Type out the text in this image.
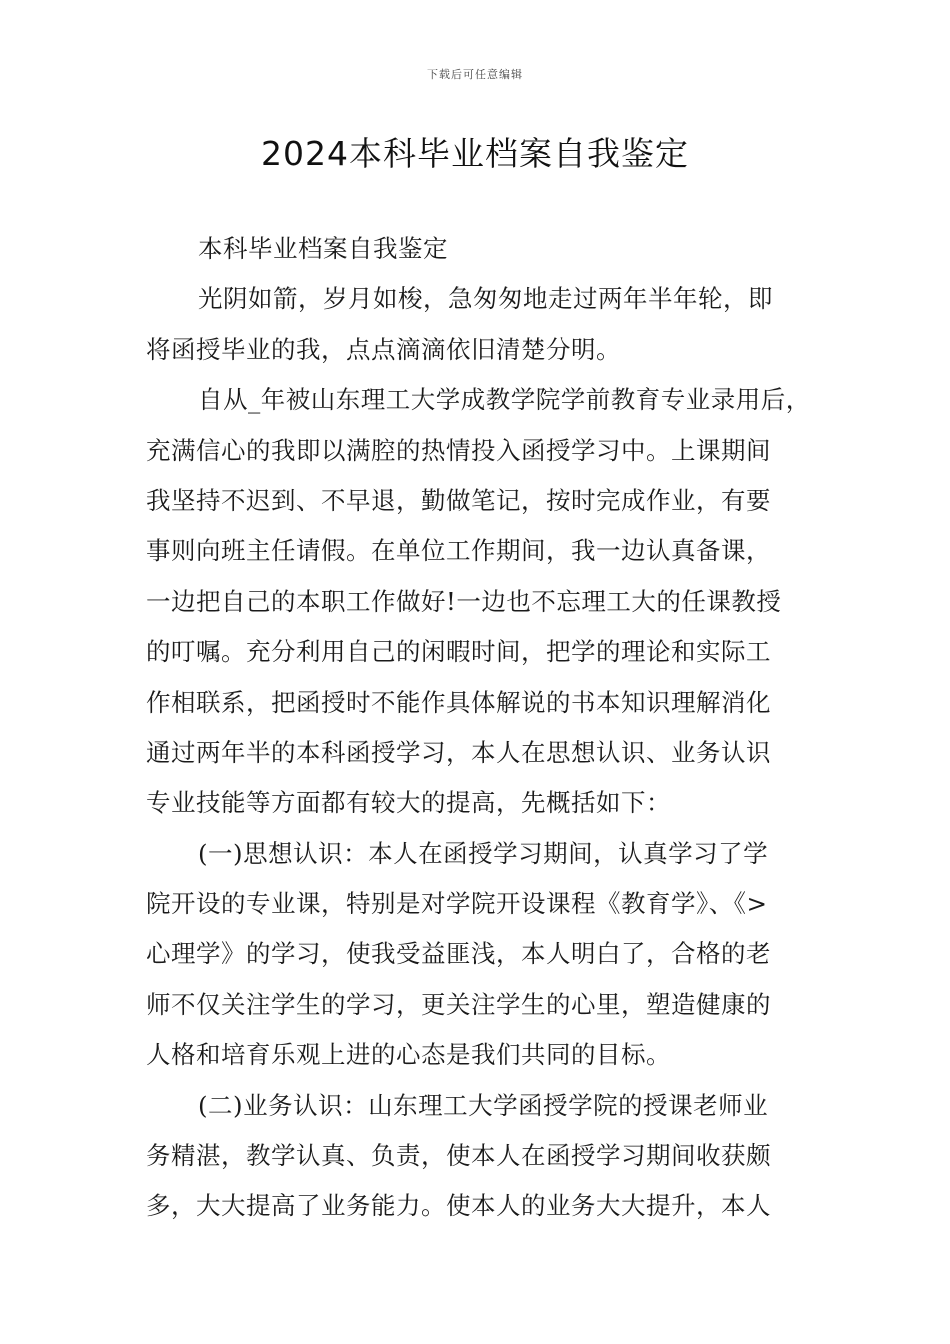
下载后可任意编辑
2024本科毕业档案自我鉴定
本科毕业档案自我鉴定
光阴如箭，岁月如梭，急匆匆地走过两年半年轮，即
将函授毕业的我，点点滴滴依旧清楚分明。
自从_年被山东理工大学成教学院学前教育专业录用后，
充满信心的我即以满腔的热情投入函授学习中。上课期间
我坚持不迟到、不早退，勤做笔记，按时完成作业，有要
事则向班主任请假。在单位工作期间，我一边认真备课，
一边把自己的本职工作做好!一边也不忘理工大的任课教授
的叮嘱。充分利用自己的闲暇时间，把学的理论和实际工
作相联系，把函授时不能作具体解说的书本知识理解消化
通过两年半的本科函授学习，本人在思想认识、业务认识
专业技能等方面都有较大的提高，先概括如下：
(一)思想认识：本人在函授学习期间，认真学习了学
院开设的专业课，特别是对学院开设课程《教育学》、《>
心理学》的学习，使我受益匪浅，本人明白了，合格的老
师不仅关注学生的学习，更关注学生的心里，塑造健康的
人格和培育乐观上进的心态是我们共同的目标。
(二)业务认识：山东理工大学函授学院的授课老师业
务精湛，教学认真、负责，使本人在函授学习期间收获颇
多，大大提高了业务能力。使本人的业务大大提升，本人
